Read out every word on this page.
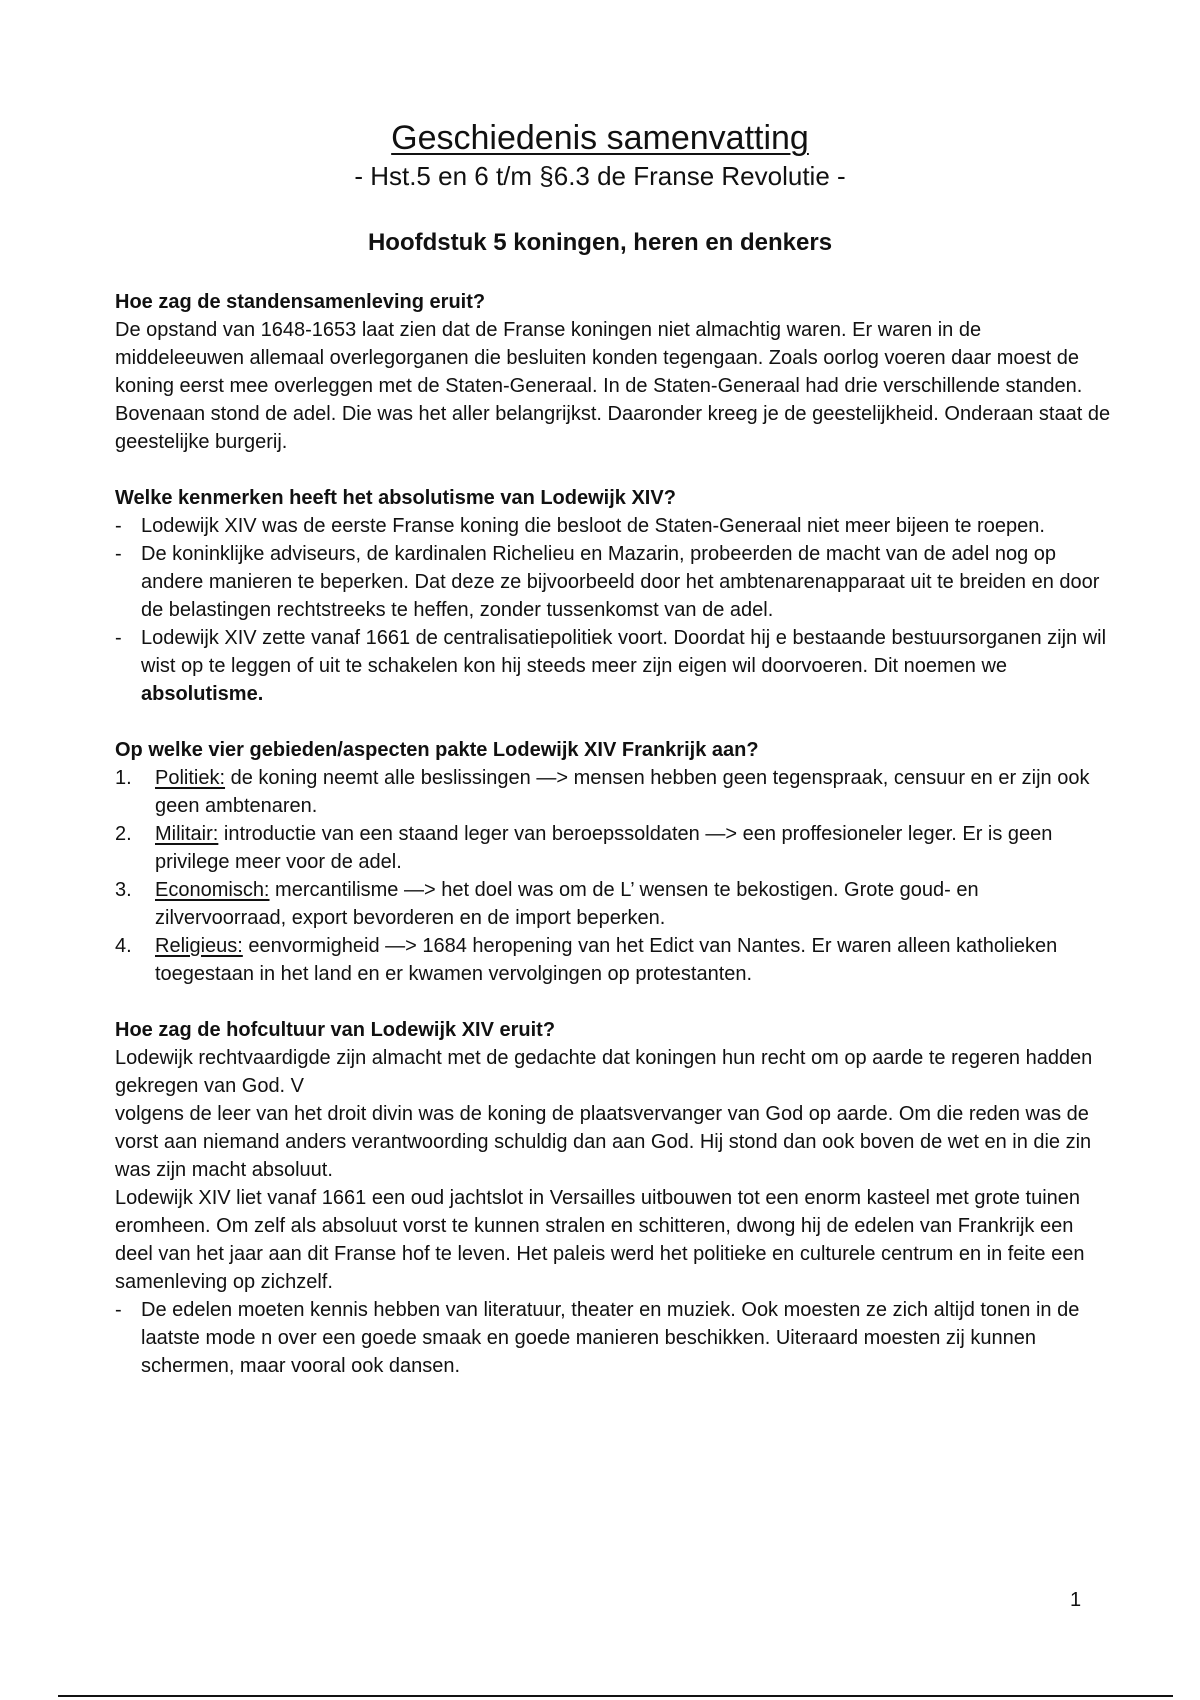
Geschiedenis samenvatting
- Hst.5 en 6 t/m §6.3 de Franse Revolutie -
Hoofdstuk 5 koningen, heren en denkers

Hoe zag de standensamenleving eruit?

De opstand van 1648-1653 laat zien dat de Franse koningen niet almachtig waren. Er waren in de middeleeuwen allemaal overlegorganen die besluiten konden tegengaan. Zoals oorlog voeren daar moest de koning eerst mee overleggen met de Staten-Generaal. In de Staten-Generaal had drie verschillende standen. Bovenaan stond de adel. Die was het aller belangrijkst. Daaronder kreeg je de geestelijkheid. Onderaan staat de geestelijke burgerij.

Welke kenmerken heeft het absolutisme van Lodewijk XIV?

- Lodewijk XIV was de eerste Franse koning die besloot de Staten-Generaal niet meer bijeen te roepen.
- De koninklijke adviseurs, de kardinalen Richelieu en Mazarin, probeerden de macht van de adel nog op andere manieren te beperken. Dat deze ze bijvoorbeeld door het ambtenarenapparaat uit te breiden en door de belastingen rechtstreeks te heffen, zonder tussenkomst van de adel.
- Lodewijk XIV zette vanaf 1661 de centralisatiepolitiek voort. Doordat hij e bestaande bestuursorganen zijn wil wist op te leggen of uit te schakelen kon hij steeds meer zijn eigen wil doorvoeren. Dit noemen we absolutisme.

Op welke vier gebieden/aspecten pakte Lodewijk XIV Frankrijk aan?

1. Politiek: de koning neemt alle beslissingen —> mensen hebben geen tegenspraak, censuur en er zijn ook geen ambtenaren.
2. Militair: introductie van een staand leger van beroepssoldaten —> een proffesioneler leger. Er is geen privilege meer voor de adel.
3. Economisch: mercantilisme —> het doel was om de L’ wensen te bekostigen. Grote goud- en zilvervoorraad, export bevorderen en de import beperken.
4. Religieus: eenvormigheid —> 1684 heropening van het Edict van Nantes. Er waren alleen katholieken toegestaan in het land en er kwamen vervolgingen op protestanten.

Hoe zag de hofcultuur van Lodewijk XIV eruit?

Lodewijk rechtvaardigde zijn almacht met de gedachte dat koningen hun recht om op aarde te regeren hadden gekregen van God. V

volgens de leer van het droit divin was de koning de plaatsvervanger van God op aarde. Om die reden was de vorst aan niemand anders verantwoording schuldig dan aan God. Hij stond dan ook boven de wet en in die zin was zijn macht absoluut.

Lodewijk XIV liet vanaf 1661 een oud jachtslot in Versailles uitbouwen tot een enorm kasteel met grote tuinen eromheen. Om zelf als absoluut vorst te kunnen stralen en schitteren, dwong hij de edelen van Frankrijk een deel van het jaar aan dit Franse hof te leven. Het paleis werd het politieke en culturele centrum en in feite een samenleving op zichzelf.

- De edelen moeten kennis hebben van literatuur, theater en muziek. Ook moesten ze zich altijd tonen in de laatste mode n over een goede smaak en goede manieren beschikken. Uiteraard moesten zij kunnen schermen, maar vooral ook dansen.
1
